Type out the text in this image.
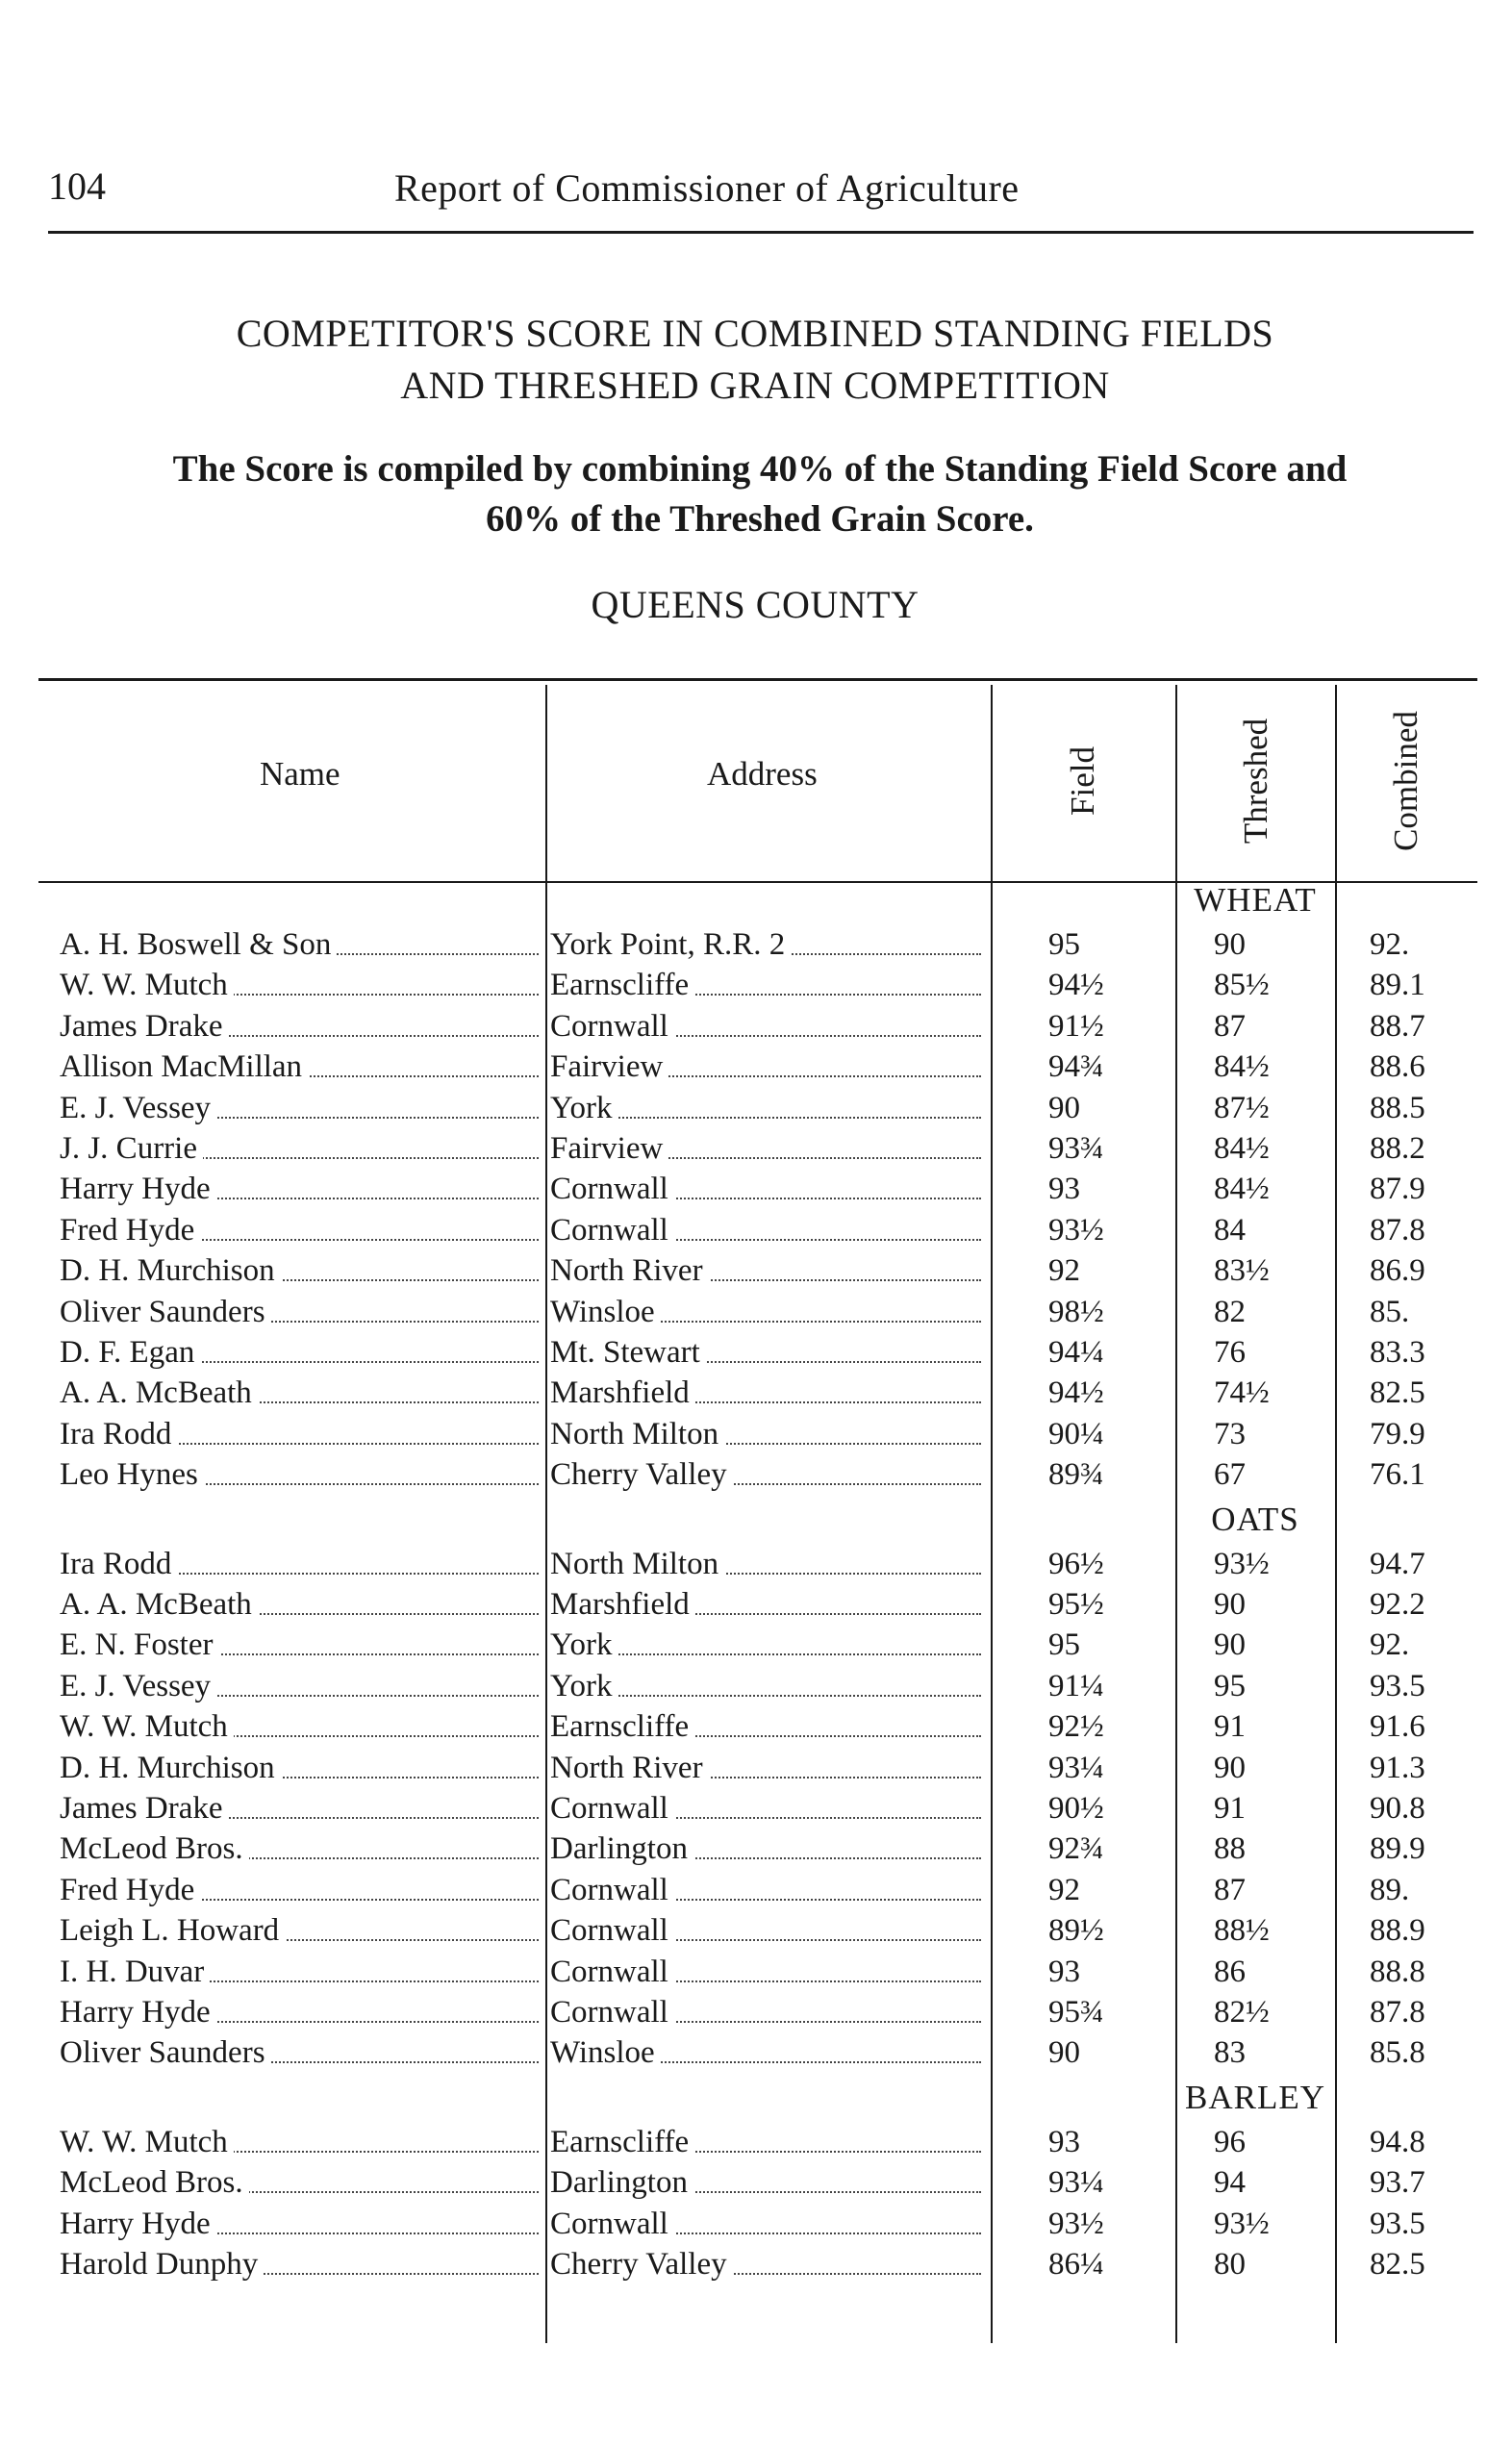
104	Report of Commissioner of Agriculture
COMPETITOR'S SCORE IN COMBINED STANDING FIELDS
AND THRESHED GRAIN COMPETITION
The Score is compiled by combining 40% of the Standing Field Score and
60% of the Threshed Grain Score.
QUEENS COUNTY
Name	Address	Field	Threshed	Combined
WHEAT
A. H. Boswell & Son	York Point, R.R. 2	95	90	92.
W. W. Mutch	Earnscliffe	94½	85½	89.1
James Drake	Cornwall	91½	87	88.7
Allison MacMillan	Fairview	94¾	84½	88.6
E. J. Vessey	York	90	87½	88.5
J. J. Currie	Fairview	93¾	84½	88.2
Harry Hyde	Cornwall	93	84½	87.9
Fred Hyde	Cornwall	93½	84	87.8
D. H. Murchison	North River	92	83½	86.9
Oliver Saunders	Winsloe	98½	82	85.
D. F. Egan	Mt. Stewart	94¼	76	83.3
A. A. McBeath	Marshfield	94½	74½	82.5
Ira Rodd	North Milton	90¼	73	79.9
Leo Hynes	Cherry Valley	89¾	67	76.1
OATS
Ira Rodd	North Milton	96½	93½	94.7
A. A. McBeath	Marshfield	95½	90	92.2
E. N. Foster	York	95	90	92.
E. J. Vessey	York	91¼	95	93.5
W. W. Mutch	Earnscliffe	92½	91	91.6
D. H. Murchison	North River	93¼	90	91.3
James Drake	Cornwall	90½	91	90.8
McLeod Bros.	Darlington	92¾	88	89.9
Fred Hyde	Cornwall	92	87	89.
Leigh L. Howard	Cornwall	89½	88½	88.9
I. H. Duvar	Cornwall	93	86	88.8
Harry Hyde	Cornwall	95¾	82½	87.8
Oliver Saunders	Winsloe	90	83	85.8
BARLEY
W. W. Mutch	Earnscliffe	93	96	94.8
McLeod Bros.	Darlington	93¼	94	93.7
Harry Hyde	Cornwall	93½	93½	93.5
Harold Dunphy	Cherry Valley	86¼	80	82.5
